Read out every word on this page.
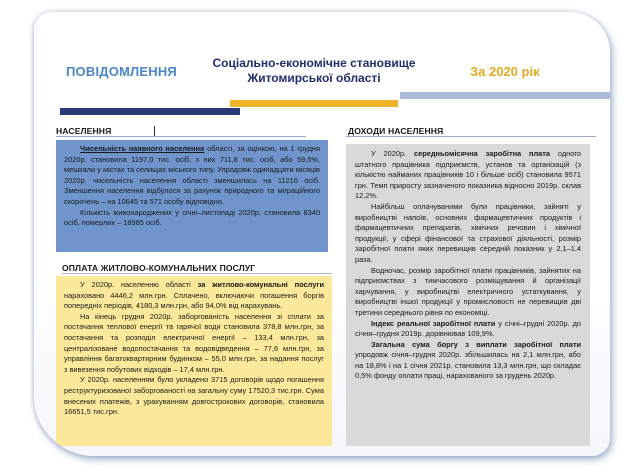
ПОВІДОМЛЕННЯ
Соціально-економічне становище
Житомирської області	За 2020 рік
НАСЕЛЕННЯ

Чисельність наявного населення області, за оцінкою, на 1 грудня 2020р. становила 1197,0 тис. осіб, з них 711,8 тис. осіб, або 59,5%, мешкали у містах та селищах міського типу. Упродовж одинадцяти місяців 2020р. чисельність населення області зменшилась на 11216 осіб. Зменшення населення відбулося за рахунок природного та міграційного скорочень – на 10645 та 571 особу відповідно.

Кількість живонароджених у січні–листопаді 2020р. становила 8340 осіб, померлих – 18985 осіб.

ОПЛАТА ЖИТЛОВО-КОМУНАЛЬНИХ ПОСЛУГ

У 2020р. населенню області за житлово-комунальні послуги нараховано 4446,2 млн.грн. Сплачено, включаючи погашення боргів попередніх періодів, 4180,3 млн.грн, або 94,0% від нарахувань.

На кінець грудня 2020р. заборгованість населення зі сплати за постачання теплової енергії та гарячої води становила 378,8 млн.грн, за постачання та розподіл електричної енергії – 133,4 млн.грн, за централізоване водопостачання та водовідведення – 77,6 млн.грн, за управління багатоквартирним будинком – 55,0 млн.грн, за надання послуг з вивезення побутових відходів – 17,4 млн.грн.

У 2020р. населенням було укладено 3715 договорів щодо погашення реструктуризованої заборгованості на загальну суму 17520,3 тис.грн. Сума внесених платежів, з урахуванням довгострокових договорів, становила 16651,5 тис.грн.

ДОХОДИ НАСЕЛЕННЯ

У 2020р. середньомісячна заробітна плата одного штатного працівника підприємств, установ та організацій (з кількістю найманих працівників 10 і більше осіб) становила 9571 грн. Темп приросту зазначеного показника відносно 2019р. склав 12,2%.

Найбільш оплачуваними були працівники, зайняті у виробництві напоїв, основних фармацевтичних продуктів і фармацевтичних препаратів, хімічних речовин і хімічної продукції, у сфері фінансової та страхової діяльності, розмір заробітної плати яких перевищив середній показник у 2,1–1,4 раза.

Водночас, розмір заробітної плати працівників, зайнятих на підприємствах з тимчасового розміщування й організації харчування, у виробництві електричного устаткування, у виробництві іншої продукції у промисловості не перевищив дві третини середнього рівня по економіці.

Індекс реальної заробітної плати у січні–грудні 2020р. до січня–грудня 2019р. дорівнював 109,9%.

Загальна сума боргу з виплати заробітної плати упродовж січня–грудня 2020р. збільшилась на 2,1 млн.грн, або на 18,8% і на 1 січня 2021р. становила 13,3 млн.грн, що складає 0,5% фонду оплати праці, нарахованого за грудень 2020р.
